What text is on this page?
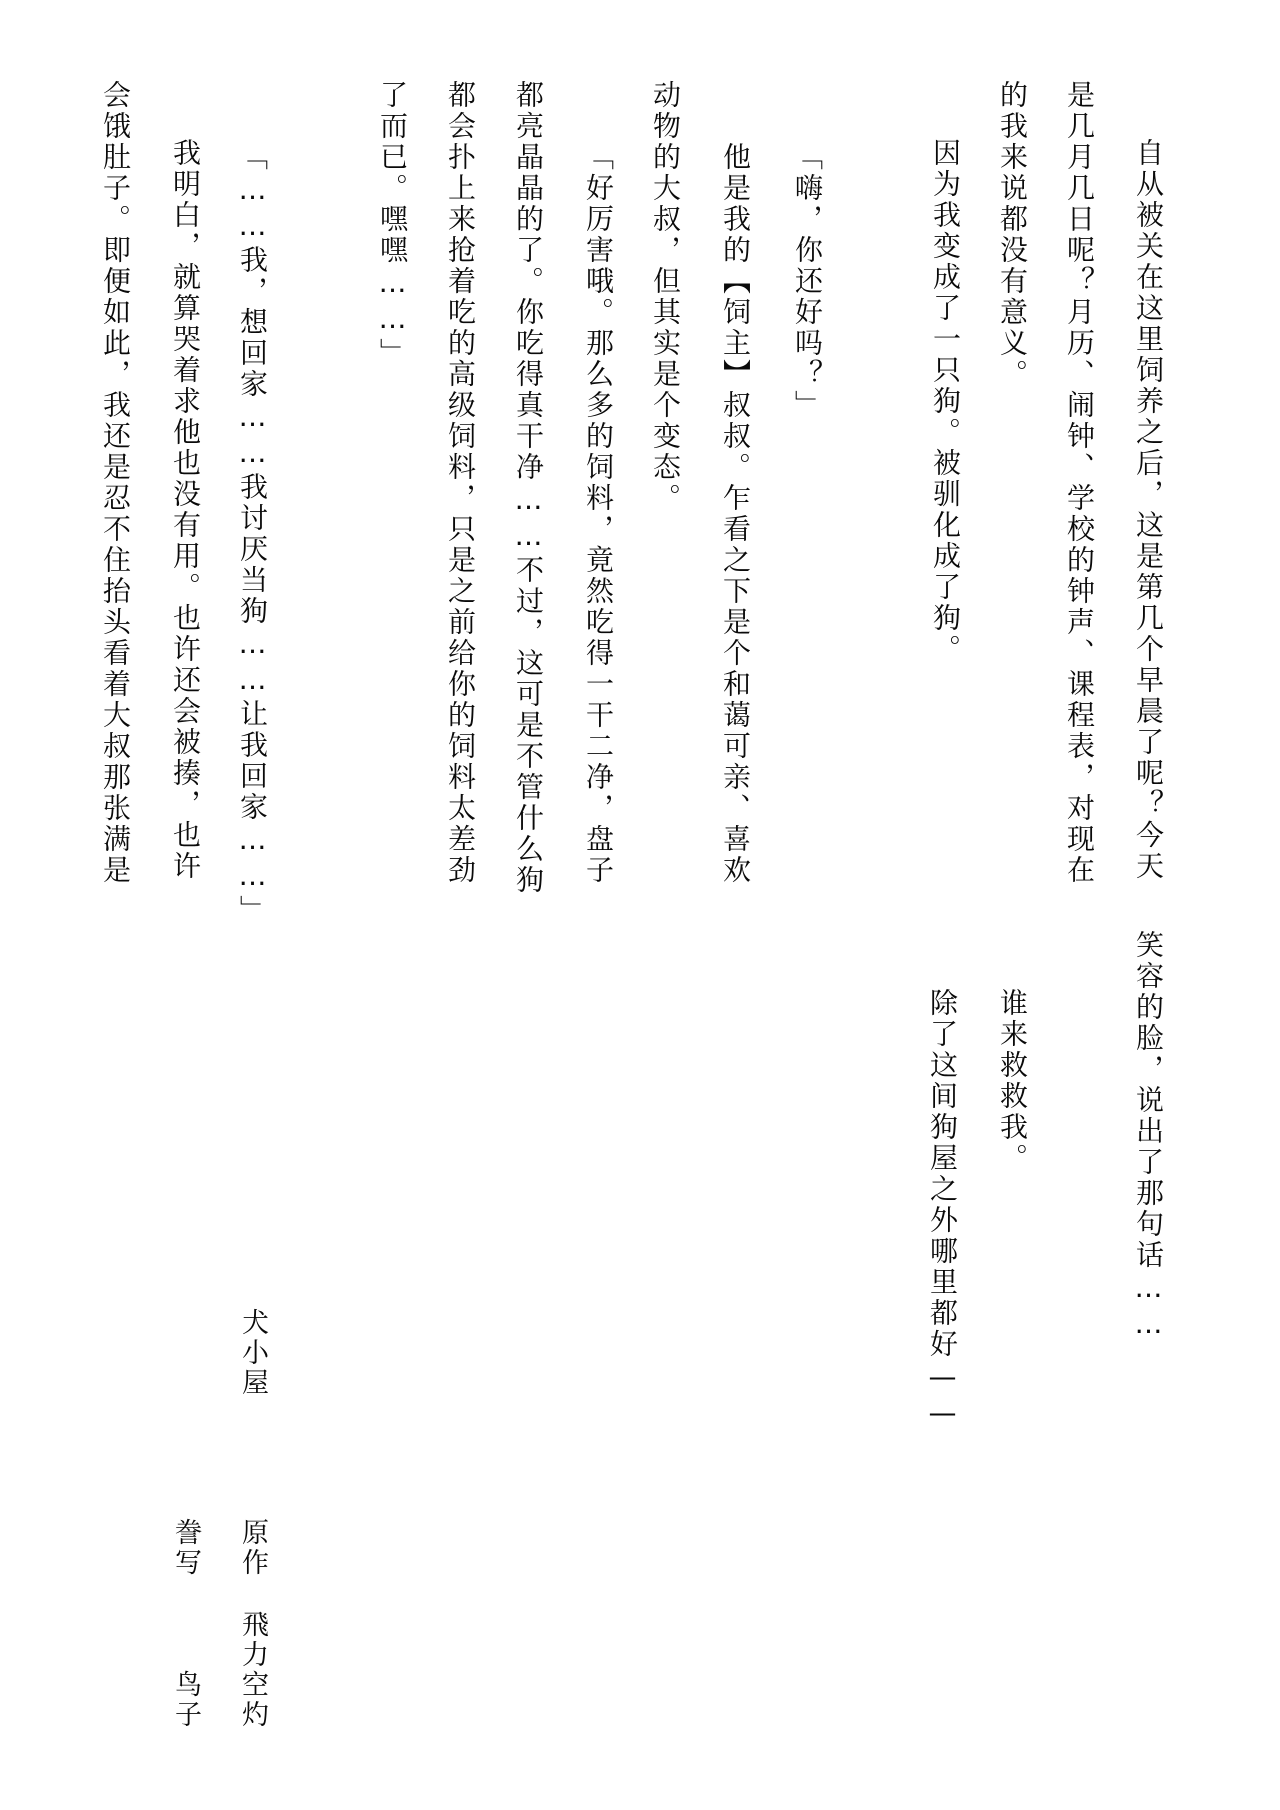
自从被关在这里饲养之后，这是第几个早晨了呢？今天
是几月几日呢？月历、闹钟、学校的钟声、课程表，对现在
的我来说都没有意义。
因为我变成了一只狗。被驯化成了狗。
「嗨，你还好吗？」
他是我的【饲主】叔叔。乍看之下是个和蔼可亲、喜欢
动物的大叔，但其实是个变态。
「好厉害哦。那么多的饲料，竟然吃得一干二净，盘子
都亮晶晶的了。你吃得真干净……不过，这可是不管什么狗
都会扑上来抢着吃的高级饲料，只是之前给你的饲料太差劲
了而已。嘿嘿……」
「……我，想回家……我讨厌当狗……让我回家……」
我明白，就算哭着求他也没有用。也许还会被揍，也许
会饿肚子。即便如此，我还是忍不住抬头看着大叔那张满是
笑容的脸，说出了那句话……
谁来救救我。
除了这间狗屋之外哪里都好——
犬小屋
原作
飛力空灼
誊写
鸟子
